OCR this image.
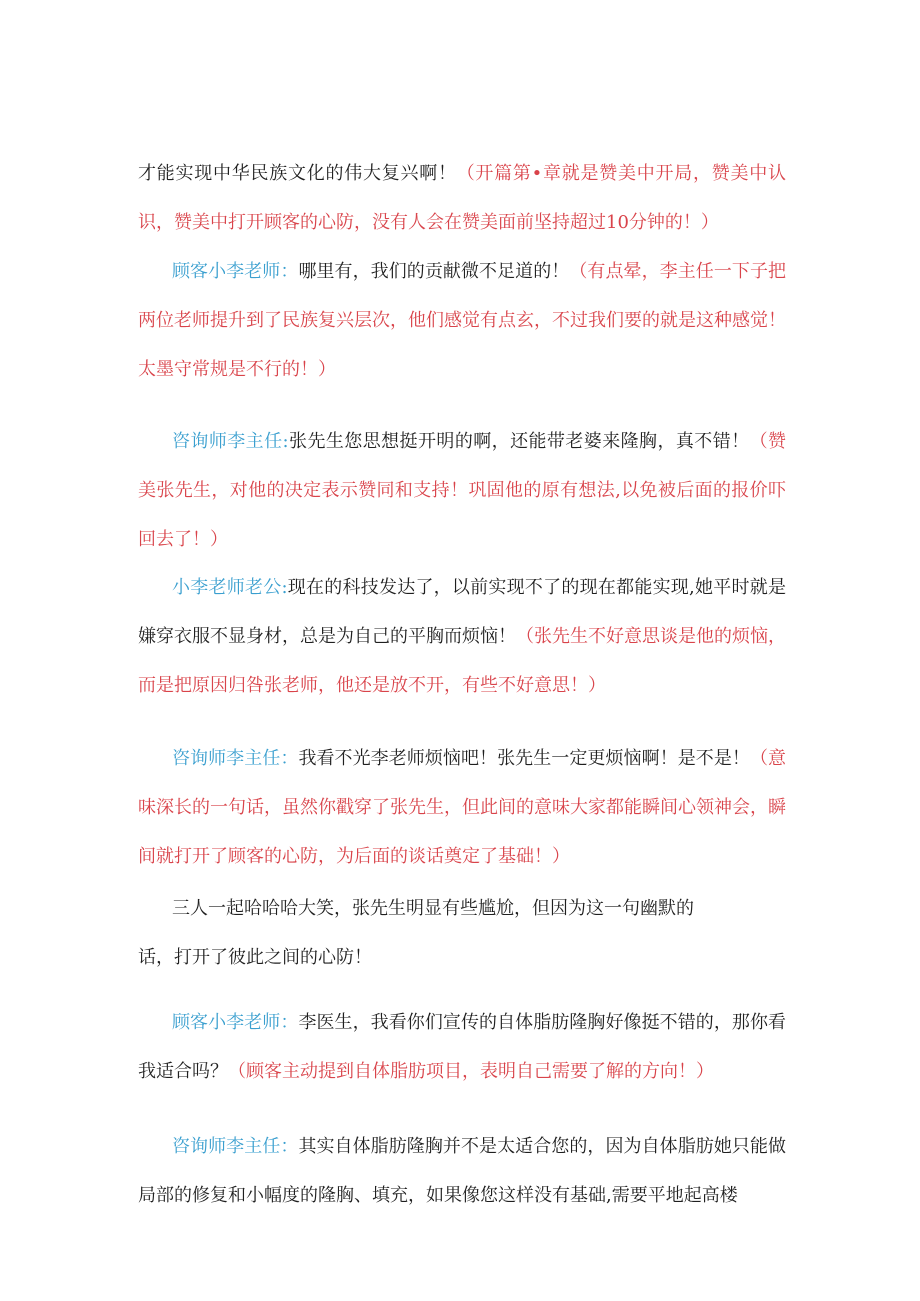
才能实现中华民族文化的伟大复兴啊！（开篇第•章就是赞美中开局，赞美中认识，赞美中打开顾客的心防，没有人会在赞美面前坚持超过10分钟的！）

顾客小李老师：哪里有，我们的贡献微不足道的！（有点晕，李主任一下子把两位老师提升到了民族复兴层次，他们感觉有点玄，不过我们要的就是这种感觉！太墨守常规是不行的！）

咨询师李主任:张先生您思想挺开明的啊，还能带老婆来隆胸，真不错！（赞美张先生，对他的决定表示赞同和支持！巩固他的原有想法,以免被后面的报价吓回去了！）

小李老师老公:现在的科技发达了，以前实现不了的现在都能实现,她平时就是嫌穿衣服不显身材，总是为自己的平胸而烦恼！（张先生不好意思谈是他的烦恼，而是把原因归咎张老师，他还是放不开，有些不好意思！）

咨询师李主任：我看不光李老师烦恼吧！张先生一定更烦恼啊！是不是！（意味深长的一句话，虽然你戳穿了张先生，但此间的意味大家都能瞬间心领神会，瞬间就打开了顾客的心防，为后面的谈话奠定了基础！）

三人一起哈哈哈大笑，张先生明显有些尴尬，但因为这一句幽默的

话，打开了彼此之间的心防！

顾客小李老师：李医生，我看你们宣传的自体脂肪隆胸好像挺不错的，那你看我适合吗？（顾客主动提到自体脂肪项目，表明自己需要了解的方向！）

咨询师李主任：其实自体脂肪隆胸并不是太适合您的，因为自体脂肪她只能做局部的修复和小幅度的隆胸、填充，如果像您这样没有基础,需要平地起高楼
